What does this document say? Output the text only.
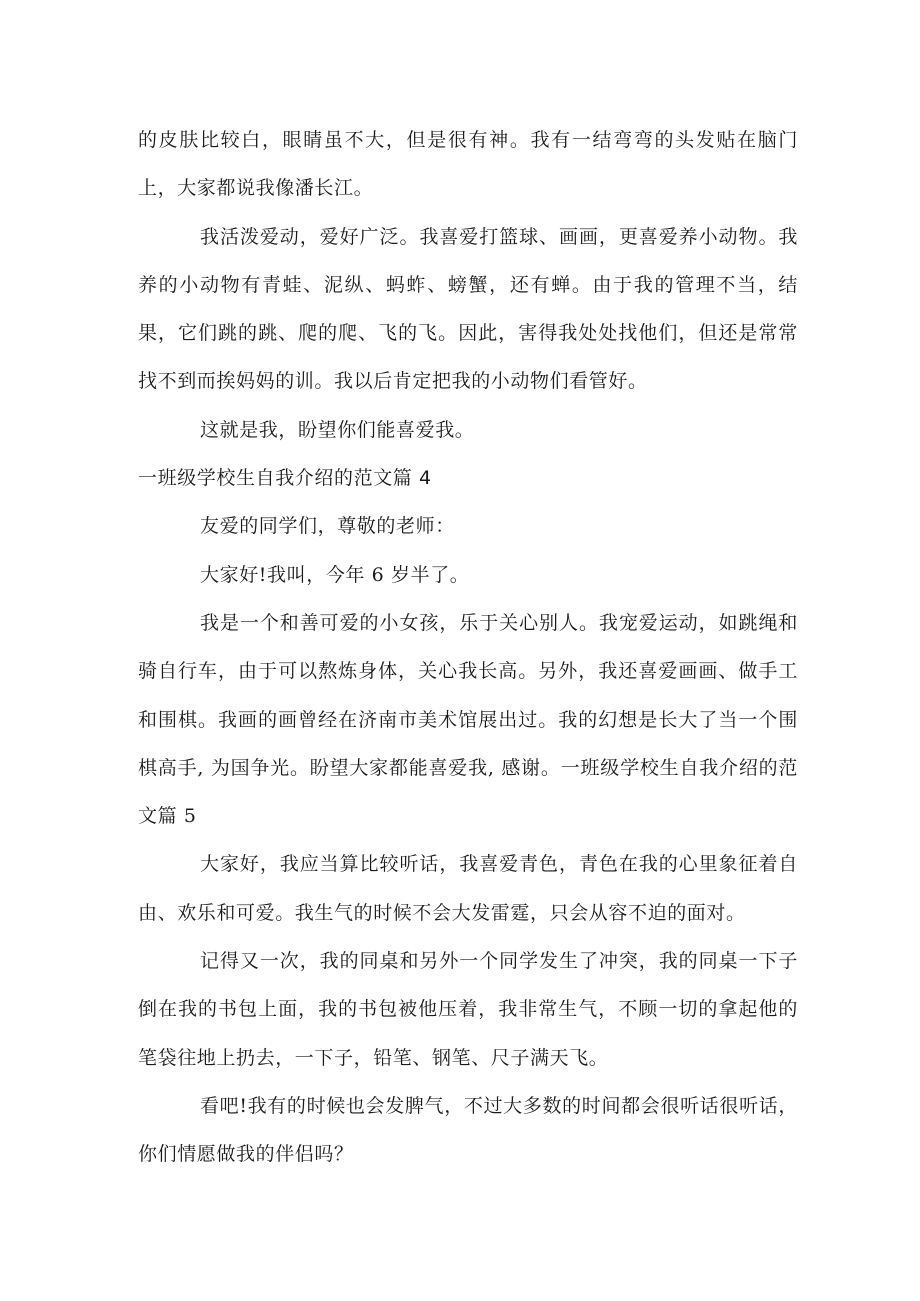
的皮肤比较白，眼睛虽不大，但是很有神。我有一结弯弯的头发贴在脑门上，大家都说我像潘长江。

我活泼爱动，爱好广泛。我喜爱打篮球、画画，更喜爱养小动物。我养的小动物有青蛙、泥纵、蚂蚱、螃蟹，还有蝉。由于我的管理不当，结果，它们跳的跳、爬的爬、飞的飞。因此，害得我处处找他们，但还是常常找不到而挨妈妈的训。我以后肯定把我的小动物们看管好。

这就是我，盼望你们能喜爱我。

一班级学校生自我介绍的范文篇 4

友爱的同学们，尊敬的老师：

大家好!我叫，今年 6 岁半了。

我是一个和善可爱的小女孩，乐于关心别人。我宠爱运动，如跳绳和骑自行车，由于可以熬炼身体，关心我长高。另外，我还喜爱画画、做手工和围棋。我画的画曾经在济南市美术馆展出过。我的幻想是长大了当一个围棋高手, 为国争光。盼望大家都能喜爱我, 感谢。一班级学校生自我介绍的范文篇 5

大家好，我应当算比较听话，我喜爱青色，青色在我的心里象征着自由、欢乐和可爱。我生气的时候不会大发雷霆，只会从容不迫的面对。

记得又一次，我的同桌和另外一个同学发生了冲突，我的同桌一下子倒在我的书包上面，我的书包被他压着，我非常生气，不顾一切的拿起他的笔袋往地上扔去，一下子，铅笔、钢笔、尺子满天飞。

看吧!我有的时候也会发脾气，不过大多数的时间都会很听话很听话，你们情愿做我的伴侣吗？
